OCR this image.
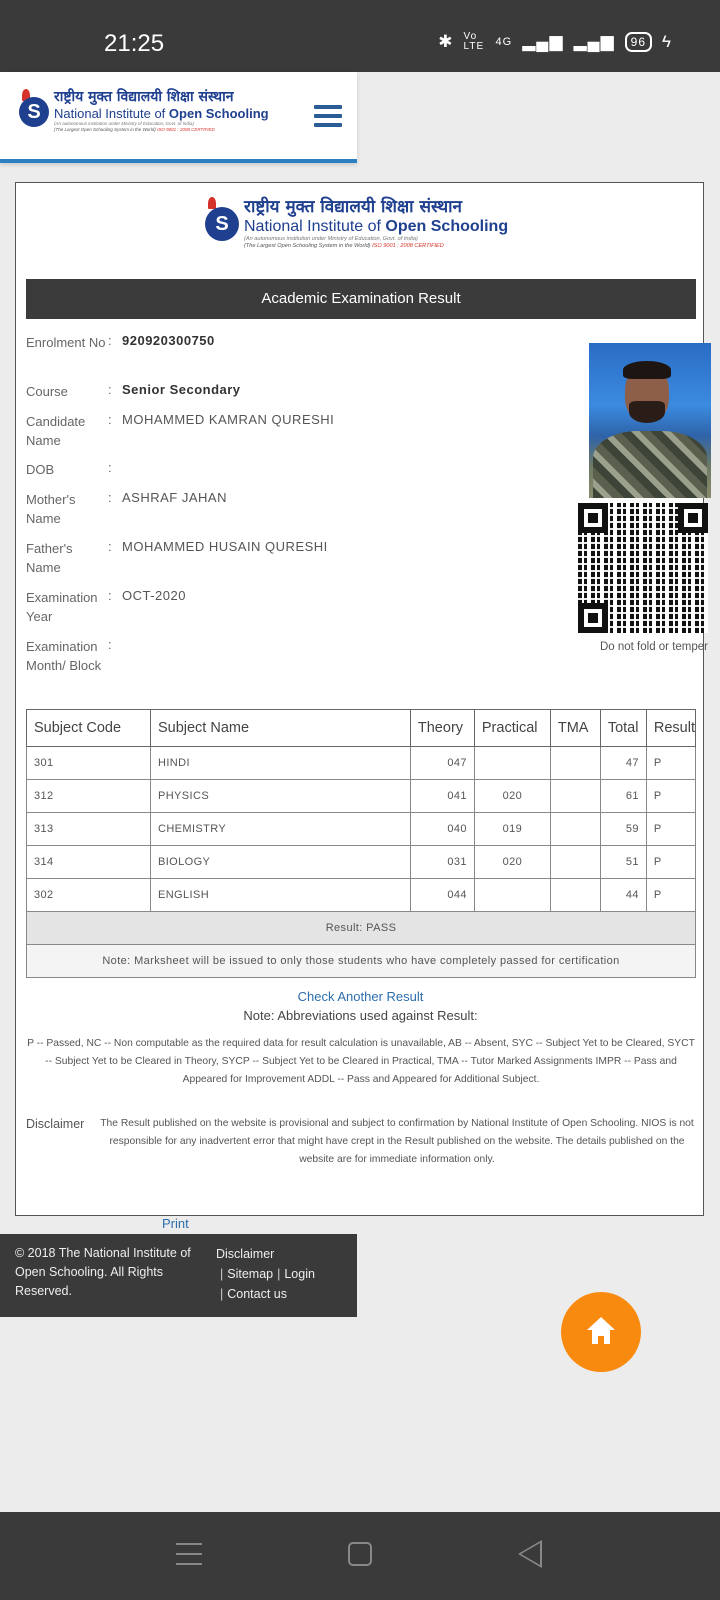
21:25	✱ Vo LTE 4G ▂▄▆ ▂▄▆	96 ϟ
S
राष्ट्रीय मुक्त विद्यालयी शिक्षा संस्थान
National Institute of Open Schooling
(An autonomous institution under Ministry of Education, Govt. of India)
(The Largest Open Schooling System in the World) ISO 9001 : 2008 CERTIFIED
S
राष्ट्रीय मुक्त विद्यालयी शिक्षा संस्थान
National Institute of Open Schooling
(An autonomous institution under Ministry of Education, Govt. of India)
(The Largest Open Schooling System in the World) ISO 9001 : 2008 CERTIFIED
Academic Examination Result
Enrolment No : 920920300750
Course	: Senior Secondary
Candidate Name
: MOHAMMED KAMRAN QURESHI
DOB	:
Mother's Name
: ASHRAF JAHAN
Father's Name
: MOHAMMED HUSAIN QURESHI
Examination Year
: OCT-2020
Examination Month/ Block
:	Do not fold or temper
Subject Code	Subject Name	Theory	Practical	TMA	Total	Result
301	HINDI	047			47	P
312	PHYSICS	041	020		61	P
313	CHEMISTRY	040	019		59	P
314	BIOLOGY	031	020		51	P
302	ENGLISH	044			44	P
Result: PASS						
Note: Marksheet will be issued to only those students who have completely passed for certification						
Check Another Result
Note: Abbreviations used against Result:
P -- Passed, NC -- Non computable as the required data for result calculation is unavailable, AB -- Absent, SYC -- Subject Yet to be Cleared, SYCT -- Subject Yet to be Cleared in Theory, SYCP -- Subject Yet to be Cleared in Practical, TMA -- Tutor Marked Assignments IMPR -- Pass and Appeared for Improvement ADDL -- Pass and Appeared for Additional Subject.
Disclaimer The Result published on the website is provisional and subject to confirmation by National Institute of Open Schooling. NIOS is not responsible for any inadvertent error that might have crept in the Result published on the website. The details published on the website are for immediate information only.
Print
© 2018 The National Institute of Open Schooling. All Rights Reserved.
Disclaimer
| Sitemap | Login
| Contact us
